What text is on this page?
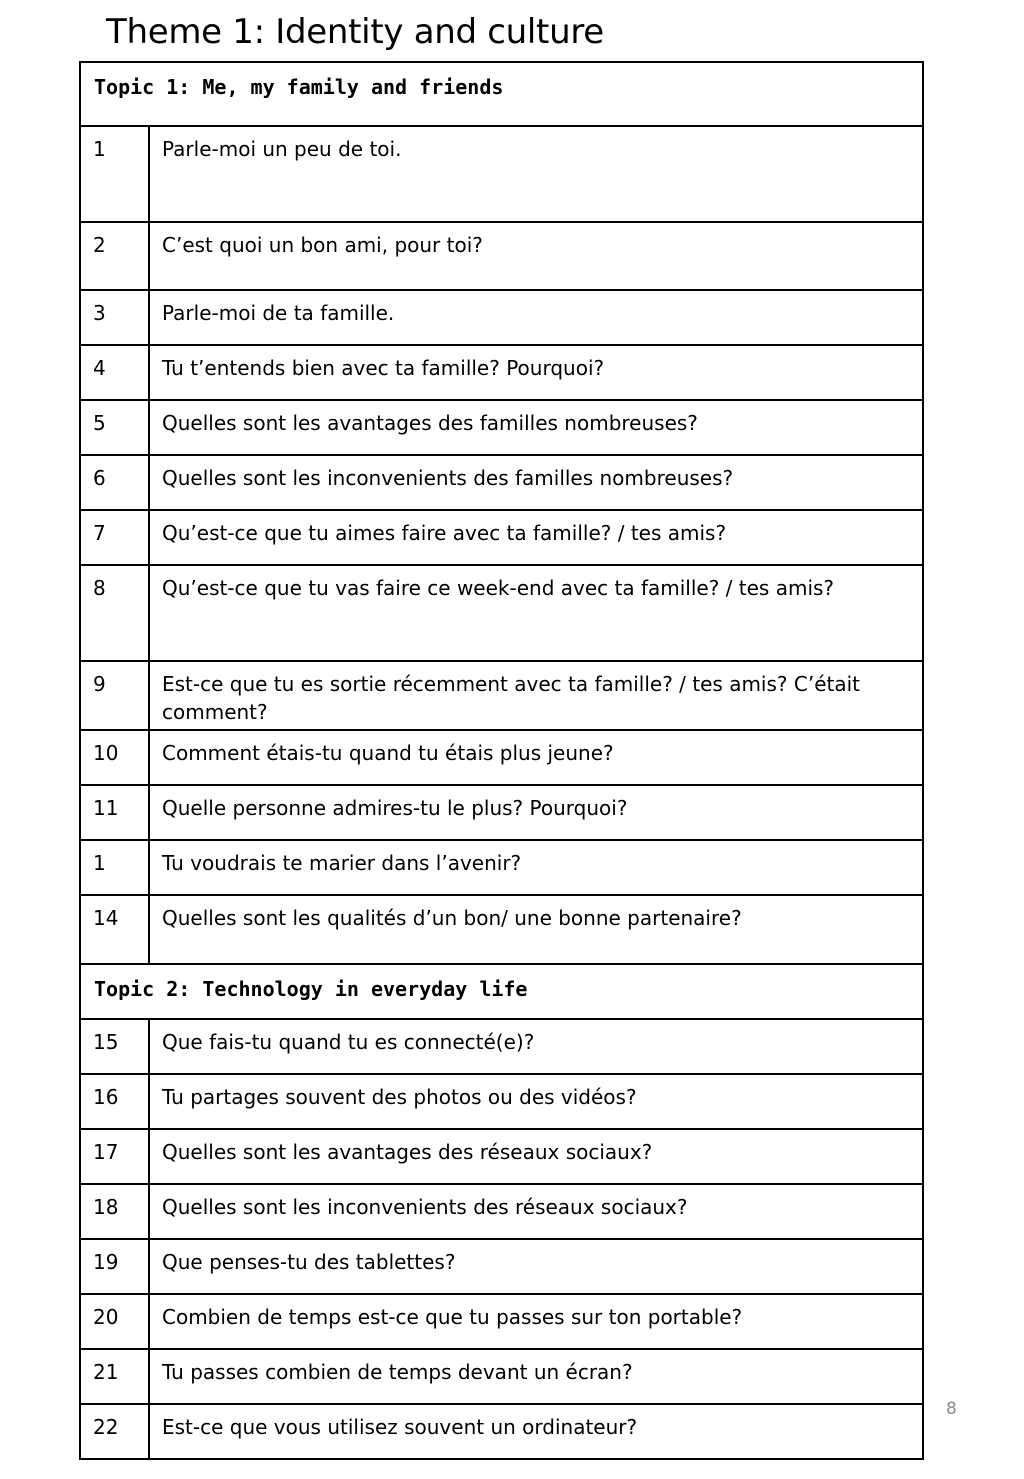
Theme 1: Identity and culture
Topic 1: Me, my family and friends	
1	Parle-moi un peu de toi.
2	C’est quoi un bon ami, pour toi?
3	Parle-moi de ta famille.
4	Tu t’entends bien avec ta famille? Pourquoi?
5	Quelles sont les avantages des familles nombreuses?
6	Quelles sont les inconvenients des familles nombreuses?
7	Qu’est-ce que tu aimes faire avec ta famille? / tes amis?
8	Qu’est-ce que tu vas faire ce week-end avec ta famille? / tes amis?
9	Est-ce que tu es sortie récemment avec ta famille? / tes amis? C’était comment?
10	Comment étais-tu quand tu étais plus jeune?
11	Quelle personne admires-tu le plus? Pourquoi?
1	Tu voudrais te marier dans l’avenir?
14	Quelles sont les qualités d’un bon/ une bonne partenaire?
Topic 2: Technology in everyday life	
15	Que fais-tu quand tu es connecté(e)?
16	Tu partages souvent des photos ou des vidéos?
17	Quelles sont les avantages des réseaux sociaux?
18	Quelles sont les inconvenients des réseaux sociaux?
19	Que penses-tu des tablettes?
20	Combien de temps est-ce que tu passes sur ton portable?
21	Tu passes combien de temps devant un écran?
22	Est-ce que vous utilisez souvent un ordinateur?
8
